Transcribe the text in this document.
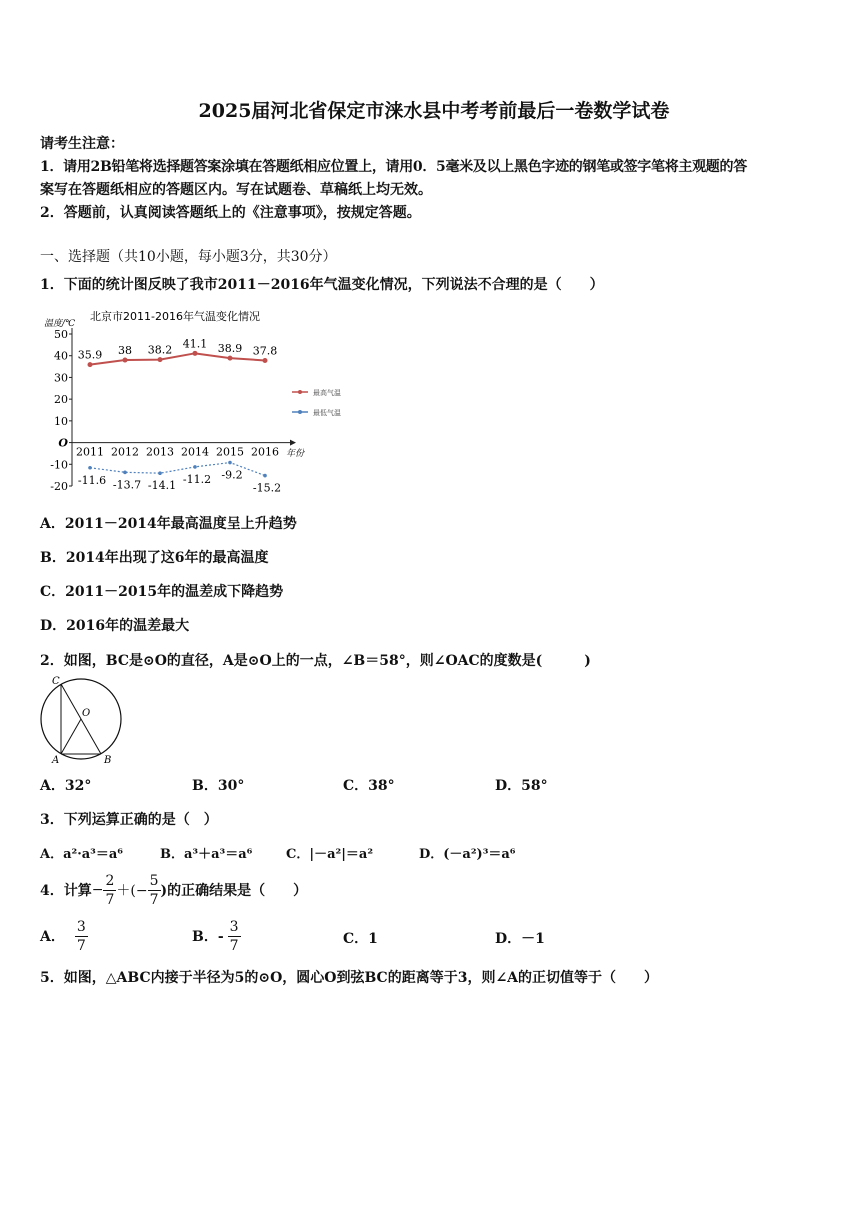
2025届河北省保定市涞水县中考考前最后一卷数学试卷
请考生注意：
1．请用2B铅笔将选择题答案涂填在答题纸相应位置上，请用0．5毫米及以上黑色字迹的钢笔或签字笔将主观题的答
案写在答题纸相应的答题区内。写在试题卷、草稿纸上均无效。
2．答题前，认真阅读答题纸上的《注意事项》，按规定答题。
一、选择题（共10小题，每小题3分，共30分）
1．下面的统计图反映了我市2011－2016年气温变化情况，下列说法不合理的是（　　）
北京市2011-2016年气温变化情况
温度/℃
年份
50
40
30
20
10
O
-10
-20
2011 2012 2013 2014 2015 2016
35.9 38 38.2 41.1 38.9 37.8
最高气温
-11.6 -13.7 -14.1 -11.2 -9.2
-15.2
最低气温
A．2011－2014年最高温度呈上升趋势
B．2014年出现了这6年的最高温度
C．2011－2015年的温差成下降趋势
D．2016年的温差最大
2．如图，BC是⊙O的直径，A是⊙O上的一点，∠B＝58°，则∠OAC的度数是(　　　)
C
O
A	B
A．32°	B．30°	C．38°	D．58°
3．下列运算正确的是（　）
A．a²·a³＝a⁶	B．a³＋a³＝a⁶	C．|－a²|＝a²	D．(－a²)³＝a⁶
4．计算 − $\frac{2}{7}$ ＋(− $\frac{5}{7}$ )的正确结果是（　　）
A． $\frac{3}{7}$	B．- $\frac{3}{7}$	C．1	D．－1
5．如图，△ABC内接于半径为5的⊙O，圆心O到弦BC的距离等于3，则∠A的正切值等于（　　）
